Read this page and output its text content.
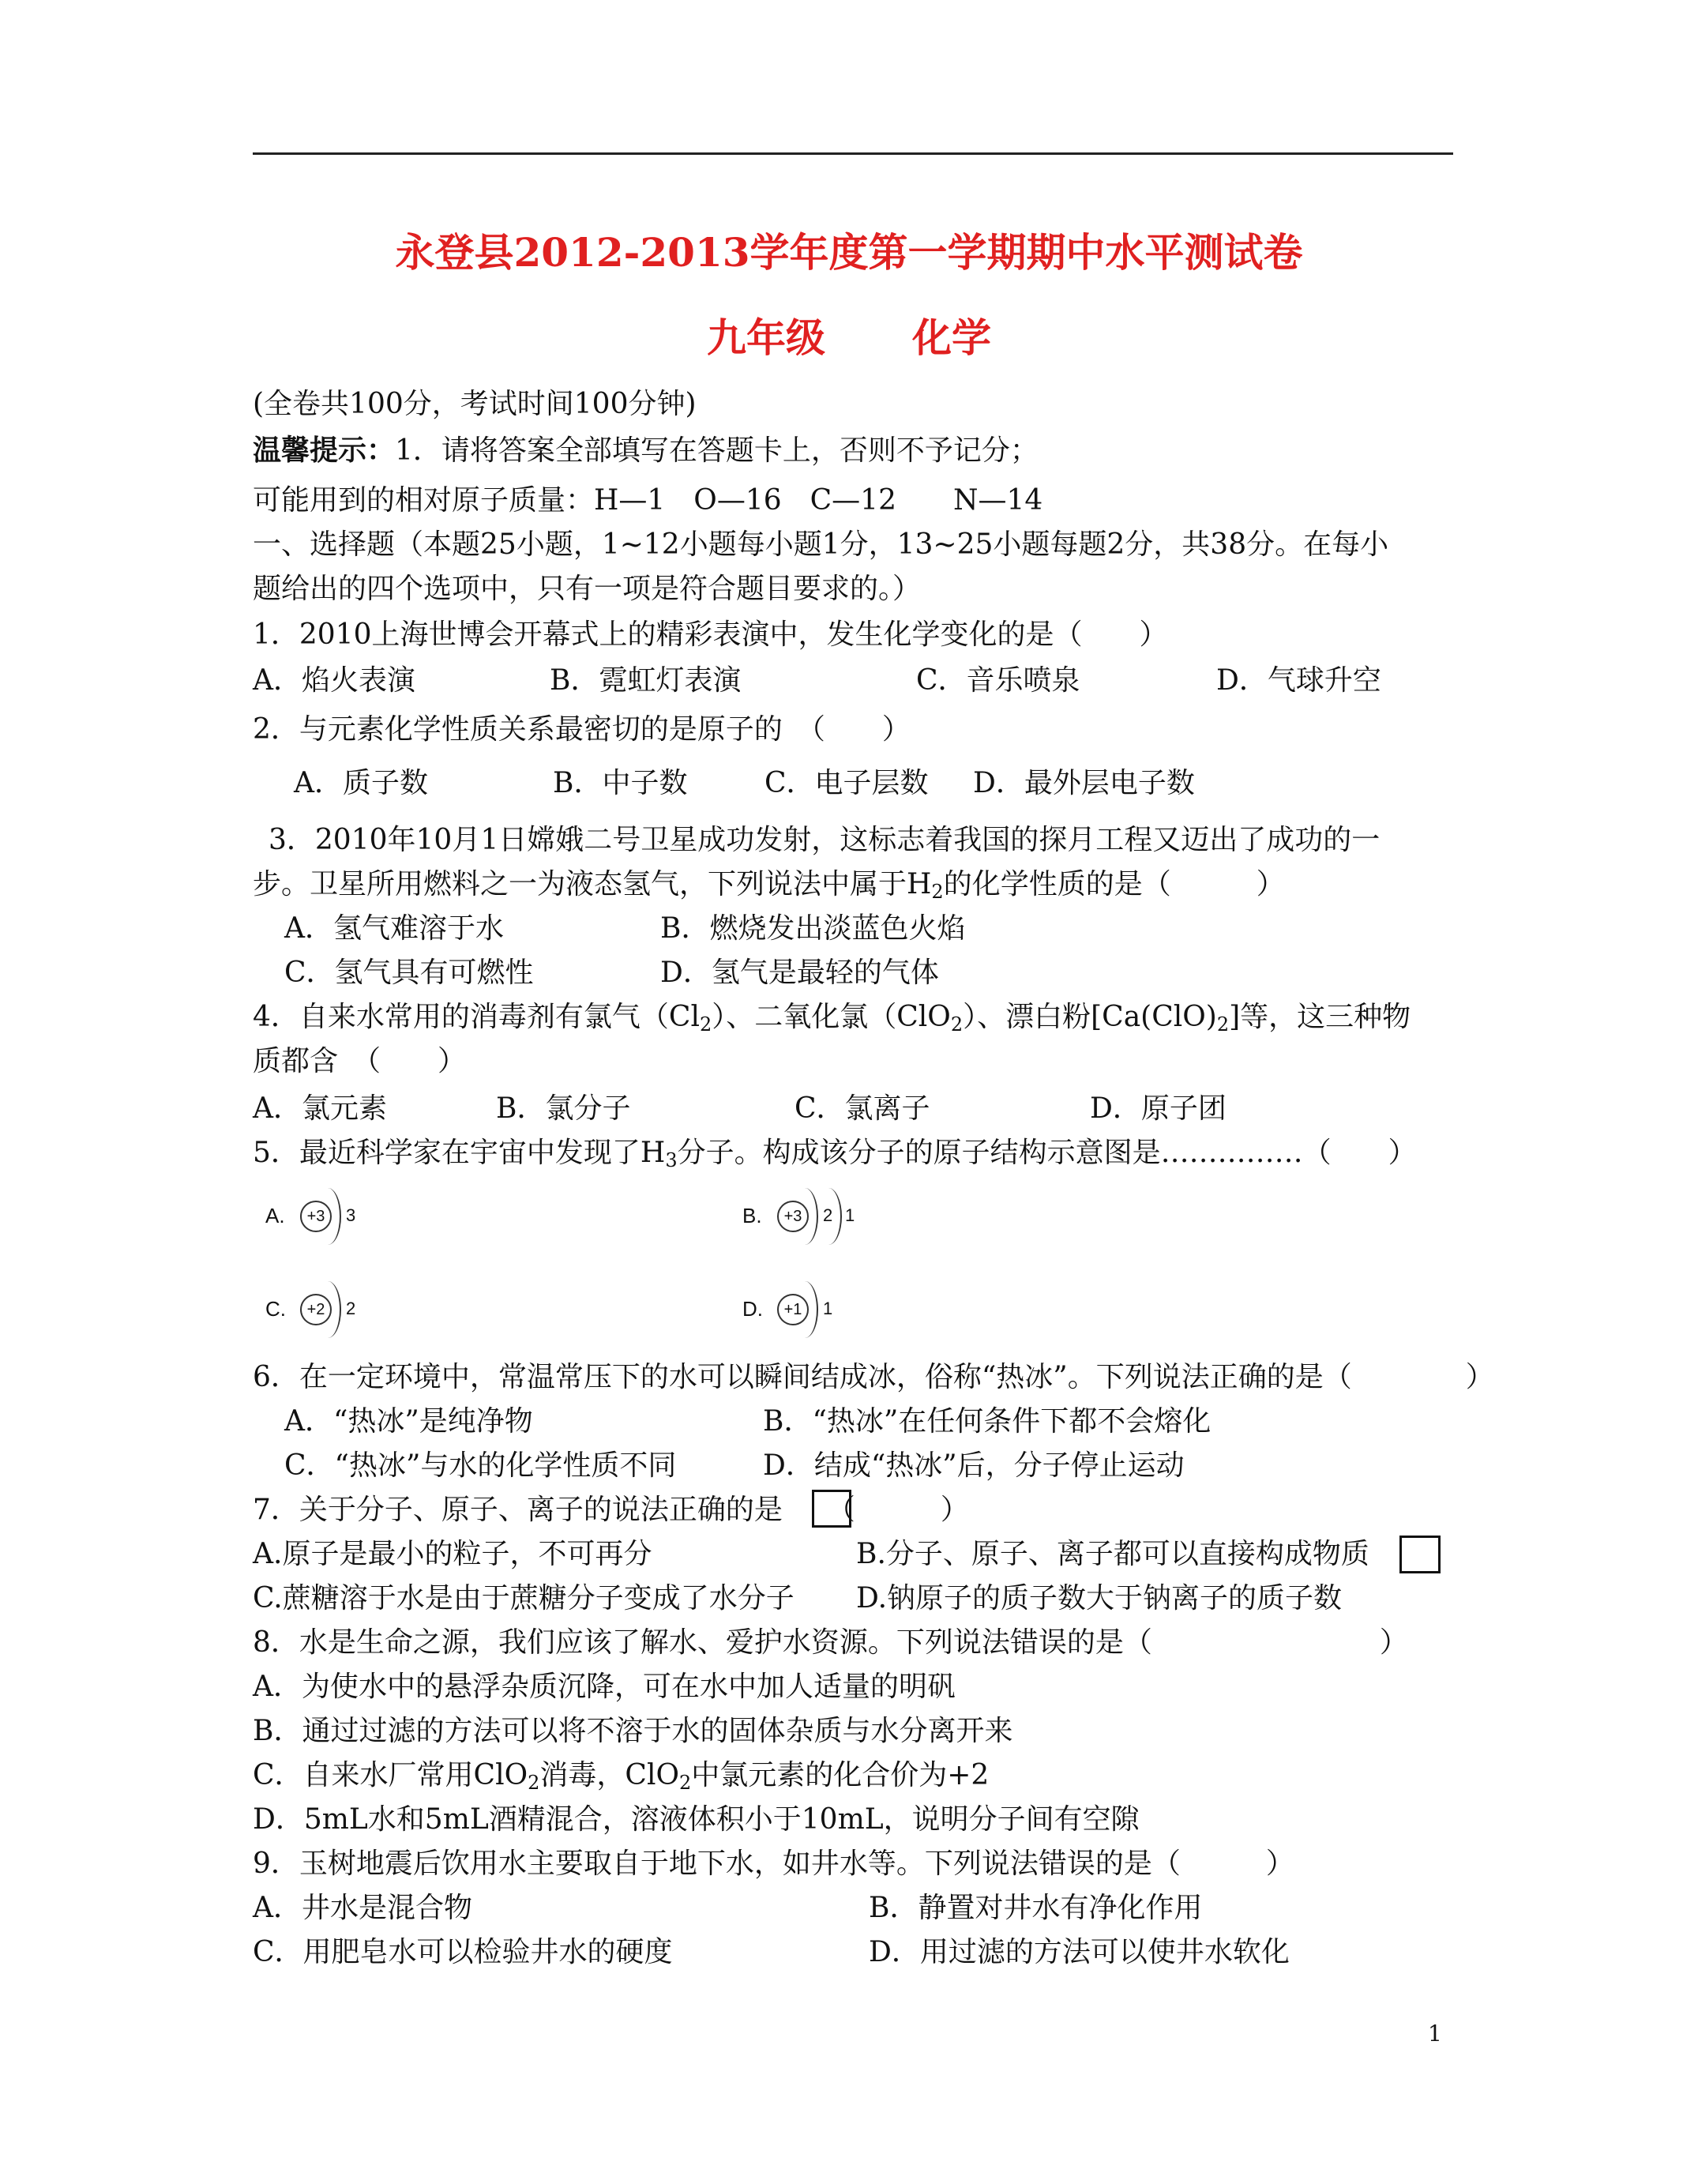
永登县2012-2013学年度第一学期期中水平测试卷
九年级 化学
(全卷共100分，考试时间100分钟)
温馨提示：1．请将答案全部填写在答题卡上，否则不予记分；
可能用到的相对原子质量：H—1　O—16　C—12　　N—14
一、选择题（本题25小题，1~12小题每小题1分，13~25小题每题2分，共38分。在每小
题给出的四个选项中，只有一项是符合题目要求的。）
1．2010上海世博会开幕式上的精彩表演中，发生化学变化的是（　　）
A．焰火表演	B．霓虹灯表演	C．音乐喷泉	D．气球升空
2．与元素化学性质关系最密切的是原子的　（　　）
A．质子数	B．中子数	C．电子层数 D．最外层电子数
3．2010年10月1日嫦娥二号卫星成功发射，这标志着我国的探月工程又迈出了成功的一
步。卫星所用燃料之一为液态氢气，下列说法中属于$H_2$的化学性质的是（　　　）
A．氢气难溶于水	B．燃烧发出淡蓝色火焰
C．氢气具有可燃性	D．氢气是最轻的气体
4．自来水常用的消毒剂有氯气$(Cl_2)$、二氧化氯（ClO$_2$）、漂白粉$[Ca(ClO)_2]$等，这三种物
质都含　（　　）
A．氯元素	B．氯分子	C．氯离子	D．原子团
5．最近科学家在宇宙中发现了$H_3$分子。构成该分子的原子结构示意图是……………（　　）
A.	+3	3	B.	+3	2 1
C.	+2	2	D.	+1	1
6．在一定环境中，常温常压下的水可以瞬间结成冰，俗称“热冰”。下列说法正确的是（　　　　）
A．“热冰”是纯净物	B．“热冰”在任何条件下都不会熔化
C．“热冰”与水的化学性质不同	D．结成“热冰”后，分子停止运动
7．关于分子、原子、离子的说法正确的是 （　　　）
A.原子是最小的粒子，不可再分	B.分子、原子、离子都可以直接构成物质
C.蔗糖溶于水是由于蔗糖分子变成了水分子 D.钠原子的质子数大于钠离子的质子数
8．水是生命之源，我们应该了解水、爱护水资源。下列说法错误的是（　　　　　　　　）
A．为使水中的悬浮杂质沉降，可在水中加人适量的明矾
B．通过过滤的方法可以将不溶于水的固体杂质与水分离开来
C．自来水厂常用ClO$_2$消毒，ClO$_2$中氯元素的化合价为+2
D．5mL水和5mL酒精混合，溶液体积小于10mL，说明分子间有空隙
9．玉树地震后饮用水主要取自于地下水，如井水等。下列说法错误的是（　　　）
A．井水是混合物	B．静置对井水有净化作用
C．用肥皂水可以检验井水的硬度	D．用过滤的方法可以使井水软化
1
